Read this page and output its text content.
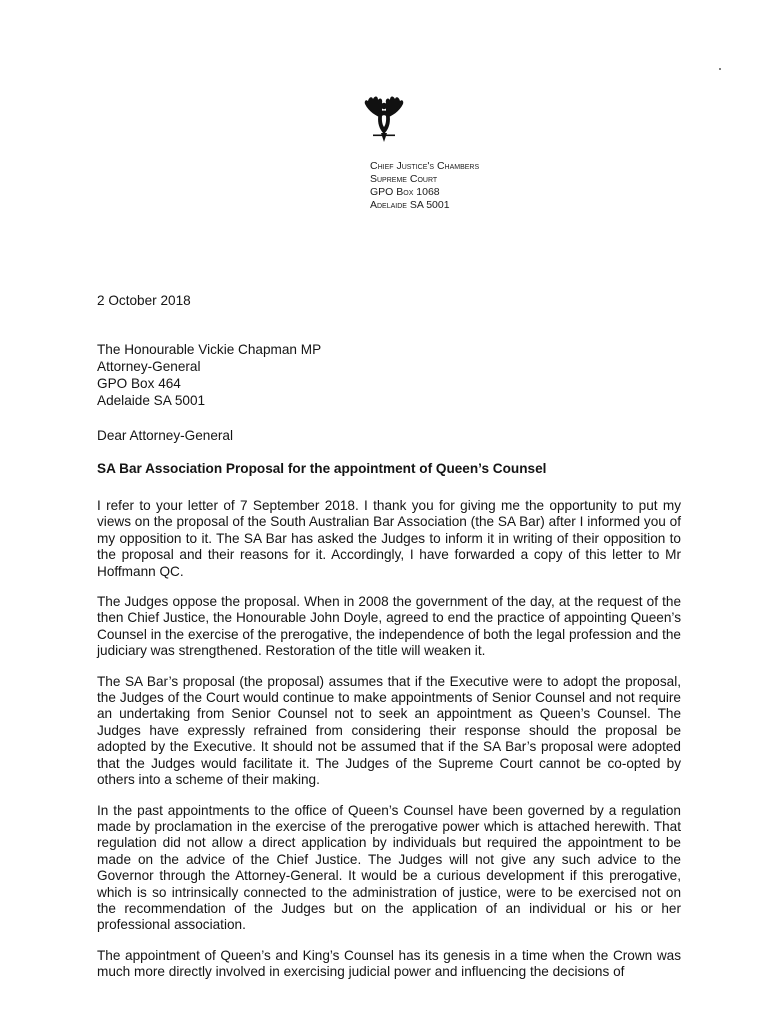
Chief Justice's Chambers
Supreme Court
GPO Box 1068
Adelaide SA 5001
2 October 2018
The Honourable Vickie Chapman MP
Attorney-General
GPO Box 464
Adelaide SA 5001
Dear Attorney-General
SA Bar Association Proposal for the appointment of Queen’s Counsel

I refer to your letter of 7 September 2018. I thank you for giving me the opportunity to put my views on the proposal of the South Australian Bar Association (the SA Bar) after I informed you of my opposition to it. The SA Bar has asked the Judges to inform it in writing of their opposition to the proposal and their reasons for it. Accordingly, I have forwarded a copy of this letter to Mr Hoffmann QC.

The Judges oppose the proposal. When in 2008 the government of the day, at the request of the then Chief Justice, the Honourable John Doyle, agreed to end the practice of appointing Queen’s Counsel in the exercise of the prerogative, the independence of both the legal profession and the judiciary was strengthened. Restoration of the title will weaken it.

The SA Bar’s proposal (the proposal) assumes that if the Executive were to adopt the proposal, the Judges of the Court would continue to make appointments of Senior Counsel and not require an undertaking from Senior Counsel not to seek an appointment as Queen’s Counsel. The Judges have expressly refrained from considering their response should the proposal be adopted by the Executive. It should not be assumed that if the SA Bar’s proposal were adopted that the Judges would facilitate it. The Judges of the Supreme Court cannot be co-opted by others into a scheme of their making.

In the past appointments to the office of Queen’s Counsel have been governed by a regulation made by proclamation in the exercise of the prerogative power which is attached herewith. That regulation did not allow a direct application by individuals but required the appointment to be made on the advice of the Chief Justice. The Judges will not give any such advice to the Governor through the Attorney-General. It would be a curious development if this prerogative, which is so intrinsically connected to the administration of justice, were to be exercised not on the recommendation of the Judges but on the application of an individual or his or her professional association.

The appointment of Queen’s and King’s Counsel has its genesis in a time when the Crown was much more directly involved in exercising judicial power and influencing the decisions of
